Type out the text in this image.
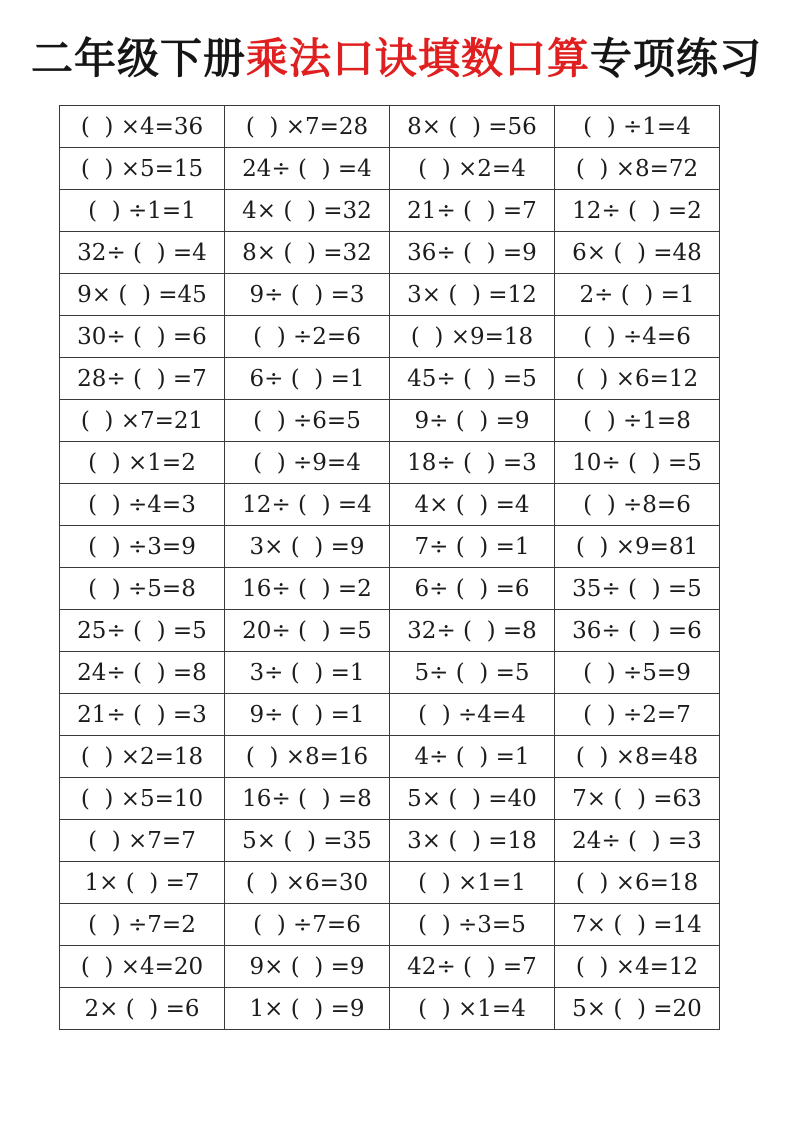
二年级下册乘法口诀填数口算专项练习
(  ) ×4=36	(  ) ×7=28	8× (  ) =56	(  ) ÷1=4
(  ) ×5=15	24÷ (  ) =4	(  ) ×2=4	(  ) ×8=72
(  ) ÷1=1	4× (  ) =32	21÷ (  ) =7	12÷ (  ) =2
32÷ (  ) =4	8× (  ) =32	36÷ (  ) =9	6× (  ) =48
9× (  ) =45	9÷ (  ) =3	3× (  ) =12	2÷ (  ) =1
30÷ (  ) =6	(  ) ÷2=6	(  ) ×9=18	(  ) ÷4=6
28÷ (  ) =7	6÷ (  ) =1	45÷ (  ) =5	(  ) ×6=12
(  ) ×7=21	(  ) ÷6=5	9÷ (  ) =9	(  ) ÷1=8
(  ) ×1=2	(  ) ÷9=4	18÷ (  ) =3	10÷ (  ) =5
(  ) ÷4=3	12÷ (  ) =4	4× (  ) =4	(  ) ÷8=6
(  ) ÷3=9	3× (  ) =9	7÷ (  ) =1	(  ) ×9=81
(  ) ÷5=8	16÷ (  ) =2	6÷ (  ) =6	35÷ (  ) =5
25÷ (  ) =5	20÷ (  ) =5	32÷ (  ) =8	36÷ (  ) =6
24÷ (  ) =8	3÷ (  ) =1	5÷ (  ) =5	(  ) ÷5=9
21÷ (  ) =3	9÷ (  ) =1	(  ) ÷4=4	(  ) ÷2=7
(  ) ×2=18	(  ) ×8=16	4÷ (  ) =1	(  ) ×8=48
(  ) ×5=10	16÷ (  ) =8	5× (  ) =40	7× (  ) =63
(  ) ×7=7	5× (  ) =35	3× (  ) =18	24÷ (  ) =3
1× (  ) =7	(  ) ×6=30	(  ) ×1=1	(  ) ×6=18
(  ) ÷7=2	(  ) ÷7=6	(  ) ÷3=5	7× (  ) =14
(  ) ×4=20	9× (  ) =9	42÷ (  ) =7	(  ) ×4=12
2× (  ) =6	1× (  ) =9	(  ) ×1=4	5× (  ) =20
